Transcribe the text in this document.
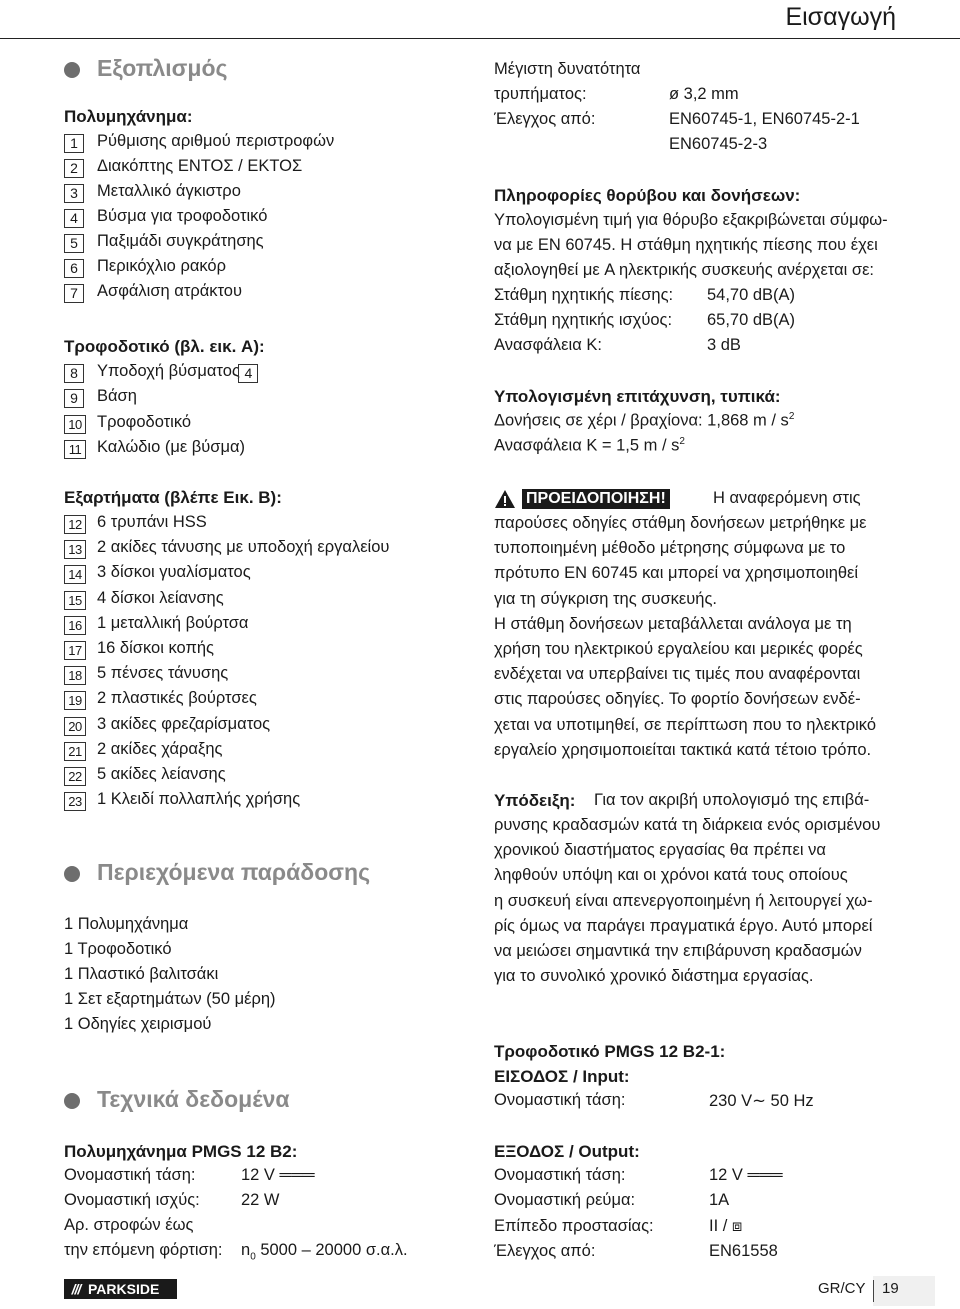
Εισαγωγή
Εξοπλισμός
Πολυμηχάνημα:
Τροφοδοτικό (βλ. εικ. A):
Εξαρτήματα (βλέπε Εικ. B):
Περιεχόμενα παράδοσης
Τεχνικά δεδομένα
Πολυμηχάνημα PMGS 12 B2:
Πληροφορίες θορύβου και δονήσεων:
Υπολογισμένη επιτάχυνση, τυπικά:
Δονήσεις σε χέρι / βραχίονα: 1,868 m / $s^2$
Ανασφάλεια K = 1,5 m / $s^2$
ΠΡΟΕΙΔΟΠΟΙΗΣΗ!	Η αναφερόμενη στις
Υπόδειξη: Για τον ακριβή υπολογισμό της επιβά-
Τροφοδοτικό PMGS 12 B2-1:
ΕΙΣΟΔΟΣ / Input:
ΕΞΟΔΟΣ / Output:
/// PARKSIDE	GR/CY 19
1	Ρύθμισης αριθμού περιστροφών
2	Διακόπτης ΕΝΤΟΣ / ΕΚΤΟΣ
3	Μεταλλικό άγκιστρο
4	Βύσμα για τροφοδοτικό
5	Παξιμάδι συγκράτησης
6	Περικόχλιο ρακόρ
7	Ασφάλιση ατράκτου
8	Υποδοχή βύσματος 4
9	Βάση
10 Τροφοδοτικό
11 Καλώδιο (με βύσμα)
12 6 τρυπάνι HSS
13 2 ακίδες τάνυσης με υποδοχή εργαλείου
14 3 δίσκοι γυαλίσματος
15 4 δίσκοι λείανσης
16 1 μεταλλική βούρτσα
17 16 δίσκοι κοπής
18 5 πένσες τάνυσης
19 2 πλαστικές βούρτσες
20 3 ακίδες φρεζαρίσματος
21 2 ακίδες χάραξης
22 5 ακίδες λείανσης
23 1 Κλειδί πολλαπλής χρήσης
1 Πολυμηχάνημα
1 Τροφοδοτικό
1 Πλαστικό βαλιτσάκι
1 Σετ εξαρτημάτων (50 μέρη)
1 Οδηγίες χειρισμού
Ονομαστική τάση:	12 V ═══
Ονομαστική ισχύς: 22 W
Αρ. στροφών έως
την επόμενη φόρτιση: $n_0$ 5000 – 20000 σ.α.λ.
Μέγιστη δυνατότητα
τρυπήματος:	ø 3,2 mm
Έλεγχος από:	EN60745-1, EN60745-2-1
EN60745-2-3
Υπολογισμένη τιμή για θόρυβο εξακριβώνεται σύμφω-
να με EN 60745. Η στάθμη ηχητικής πίεσης που έχει
αξιολογηθεί με A ηλεκτρικής συσκευής ανέρχεται σε:
Στάθμη ηχητικής πίεσης: 54,70 dB(A)
Στάθμη ηχητικής ισχύος: 65,70 dB(A)
Ανασφάλεια K:	3 dB
παρούσες οδηγίες στάθμη δονήσεων μετρήθηκε με
τυποποιημένη μέθοδο μέτρησης σύμφωνα με το
πρότυπο EN 60745 και μπορεί να χρησιμοποιηθεί
για τη σύγκριση της συσκευής.
Η στάθμη δονήσεων μεταβάλλεται ανάλογα με τη
χρήση του ηλεκτρικού εργαλείου και μερικές φορές
ενδέχεται να υπερβαίνει τις τιμές που αναφέρονται
στις παρούσες οδηγίες. Το φορτίο δονήσεων ενδέ-
χεται να υποτιμηθεί, σε περίπτωση που το ηλεκτρικό
εργαλείο χρησιμοποιείται τακτικά κατά τέτοιο τρόπο.
ρυνσης κραδασμών κατά τη διάρκεια ενός ορισμένου
χρονικού διαστήματος εργασίας θα πρέπει να
ληφθούν υπόψη και οι χρόνοι κατά τους οποίους
η συσκευή είναι απενεργοποιημένη ή λειτουργεί χω-
ρίς όμως να παράγει πραγματικά έργο. Αυτό μπορεί
να μειώσει σημαντικά την επιβάρυνση κραδασμών
για το συνολικό χρονικό διάστημα εργασίας.
Ονομαστική τάση:	230 V∼ 50 Hz
Ονομαστική τάση:	12 V ═══
Ονομαστική ρεύμα:	1A
Επίπεδο προστασίας:	II / ⧈
Έλεγχος από:	EN61558
